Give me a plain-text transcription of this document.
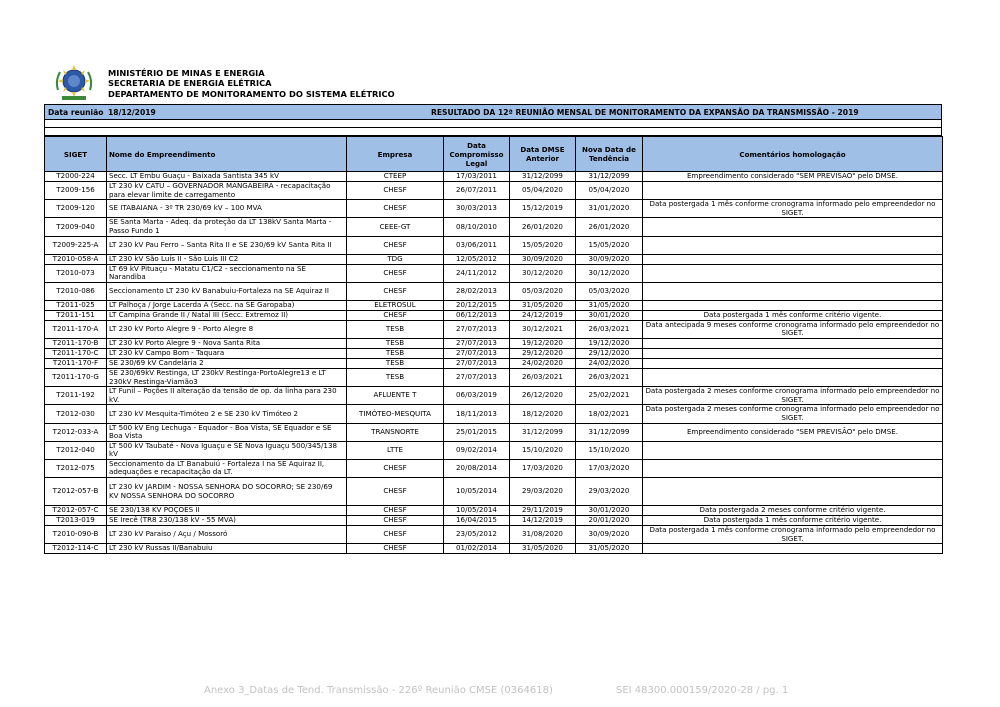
MINISTÉRIO DE MINAS E ENERGIA
SECRETARIA DE ENERGIA ELÉTRICA
DEPARTAMENTO DE MONITORAMENTO DO SISTEMA ELÉTRICO
Data reunião 18/12/2019	RESULTADO DA 12ª REUNIÃO MENSAL DE MONITORAMENTO DA EXPANSÃO DA TRANSMISSÃO - 2019
SIGET	Nome do Empreendimento	Empresa	Data Compromisso Legal	Data DMSE Anterior	Nova Data de Tendência	Comentários homologação
T2000-224	Secc. LT Embu Guaçu - Baixada Santista 345 kV	CTEEP	17/03/2011	31/12/2099	31/12/2099	Empreendimento considerado "SEM PREVISÃO" pelo DMSE.
T2009-156	LT 230 kV CATU – GOVERNADOR MANGABEIRA - recapacitação para elevar limite de carregamento	CHESF	26/07/2011	05/04/2020	05/04/2020	
T2009-120	SE ITABAIANA - 3º TR 230/69 kV – 100 MVA	CHESF	30/03/2013	15/12/2019	31/01/2020	Data postergada 1 mês conforme cronograma informado pelo empreendedor no SIGET.
T2009-040	SE Santa Marta - Adeq. da proteção da LT 138kV Santa Marta - Passo Fundo 1	CEEE-GT	08/10/2010	26/01/2020	26/01/2020	
T2009-225-A	LT 230 kV Pau Ferro – Santa Rita II e SE 230/69 kV Santa Rita II	CHESF	03/06/2011	15/05/2020	15/05/2020	
T2010-058-A	LT 230 kV São Luís II - São Luís III C2	TDG	12/05/2012	30/09/2020	30/09/2020	
T2010-073	LT 69 kV Pituaçu - Matatu C1/C2 - seccionamento na SE Narandiba	CHESF	24/11/2012	30/12/2020	30/12/2020	
T2010-086	Seccionamento LT 230 kV Banabuiu-Fortaleza na SE Aquiraz II	CHESF	28/02/2013	05/03/2020	05/03/2020	
T2011-025	LT Palhoça / Jorge Lacerda A (Secc. na SE Garopaba)	ELETROSUL	20/12/2015	31/05/2020	31/05/2020	
T2011-151	LT Campina Grande II / Natal III (Secc. Extremoz II)	CHESF	06/12/2013	24/12/2019	30/01/2020	Data postergada 1 mês conforme critério vigente.
T2011-170-A	LT 230 kV Porto Alegre 9 - Porto Alegre 8	TESB	27/07/2013	30/12/2021	26/03/2021	Data antecipada 9 meses conforme cronograma informado pelo empreendedor no SIGET.
T2011-170-B	LT 230 kV Porto Alegre 9 - Nova Santa Rita	TESB	27/07/2013	19/12/2020	19/12/2020	
T2011-170-C	LT 230 kV Campo Bom - Taquara	TESB	27/07/2013	29/12/2020	29/12/2020	
T2011-170-F	SE 230/69 kV Candelária 2	TESB	27/07/2013	24/02/2020	24/02/2020	
T2011-170-G	SE 230/69kV Restinga, LT 230kV Restinga-PortoAlegre13 e LT 230kV Restinga-Viamão3	TESB	27/07/2013	26/03/2021	26/03/2021	
T2011-192	LT Funil – Poções II alteração da tensão de op. da linha para 230 kV.	AFLUENTE T	06/03/2019	26/12/2020	25/02/2021	Data postergada 2 meses conforme cronograma informado pelo empreendedor no SIGET.
T2012-030	LT 230 kV Mesquita-Timóteo 2 e SE 230 kV Timóteo 2	TIMÓTEO-MESQUITA	18/11/2013	18/12/2020	18/02/2021	Data postergada 2 meses conforme cronograma informado pelo empreendedor no SIGET.
T2012-033-A	LT 500 kV Eng Lechuga - Equador - Boa Vista, SE Equador e SE Boa Vista	TRANSNORTE	25/01/2015	31/12/2099	31/12/2099	Empreendimento considerado "SEM PREVISÃO" pelo DMSE.
T2012-040	LT 500 kV Taubaté - Nova Iguaçu e SE Nova Iguaçu 500/345/138 kV	LTTE	09/02/2014	15/10/2020	15/10/2020	
T2012-075	Seccionamento da LT Banabuiú - Fortaleza I na SE Aquiraz II, adequações e recapacitação da LT.	CHESF	20/08/2014	17/03/2020	17/03/2020	
T2012-057-B	LT 230 kV JARDIM - NOSSA SENHORA DO SOCORRO; SE 230/69 KV NOSSA SENHORA DO SOCORRO	CHESF	10/05/2014	29/03/2020	29/03/2020	
T2012-057-C	SE 230/138 KV POÇÕES II	CHESF	10/05/2014	29/11/2019	30/01/2020	Data postergada 2 meses conforme critério vigente.
T2013-019	SE Irecê (TR8 230/138 kV - 55 MVA)	CHESF	16/04/2015	14/12/2019	20/01/2020	Data postergada 1 mês conforme critério vigente.
T2010-090-B	LT 230 kV Paraiso / Açu / Mossoró	CHESF	23/05/2012	31/08/2020	30/09/2020	Data postergada 1 mês conforme cronograma informado pelo empreendedor no SIGET.
T2012-114-C	LT 230 kV Russas II/Banabuiu	CHESF	01/02/2014	31/05/2020	31/05/2020	
Anexo 3_Datas de Tend. Transmissão - 226º Reunião CMSE (0364618)	SEI 48300.000159/2020-28 / pg. 1
